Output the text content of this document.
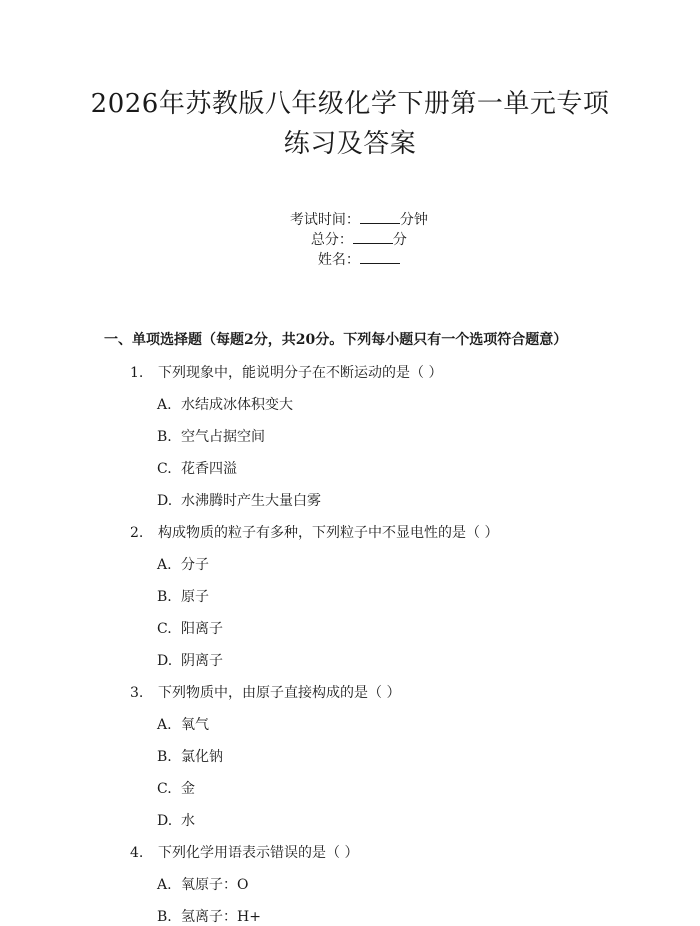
2026年苏教版八年级化学下册第一单元专项
练习及答案

考试时间：	分钟
总分：	分
姓名：

一、单项选择题（每题2分，共20分。下列每小题只有一个选项符合题意）
1.	下列现象中，能说明分子在不断运动的是（ ）
A. 水结成冰体积变大
B. 空气占据空间
C. 花香四溢
D. 水沸腾时产生大量白雾
2.	构成物质的粒子有多种，下列粒子中不显电性的是（ ）
A. 分子
B. 原子
C. 阳离子
D. 阴离子
3.	下列物质中，由原子直接构成的是（ ）
A. 氧气
B. 氯化钠
C. 金
D. 水
4.	下列化学用语表示错误的是（ ）
A. 氧原子：O
B. 氢离子：H+
